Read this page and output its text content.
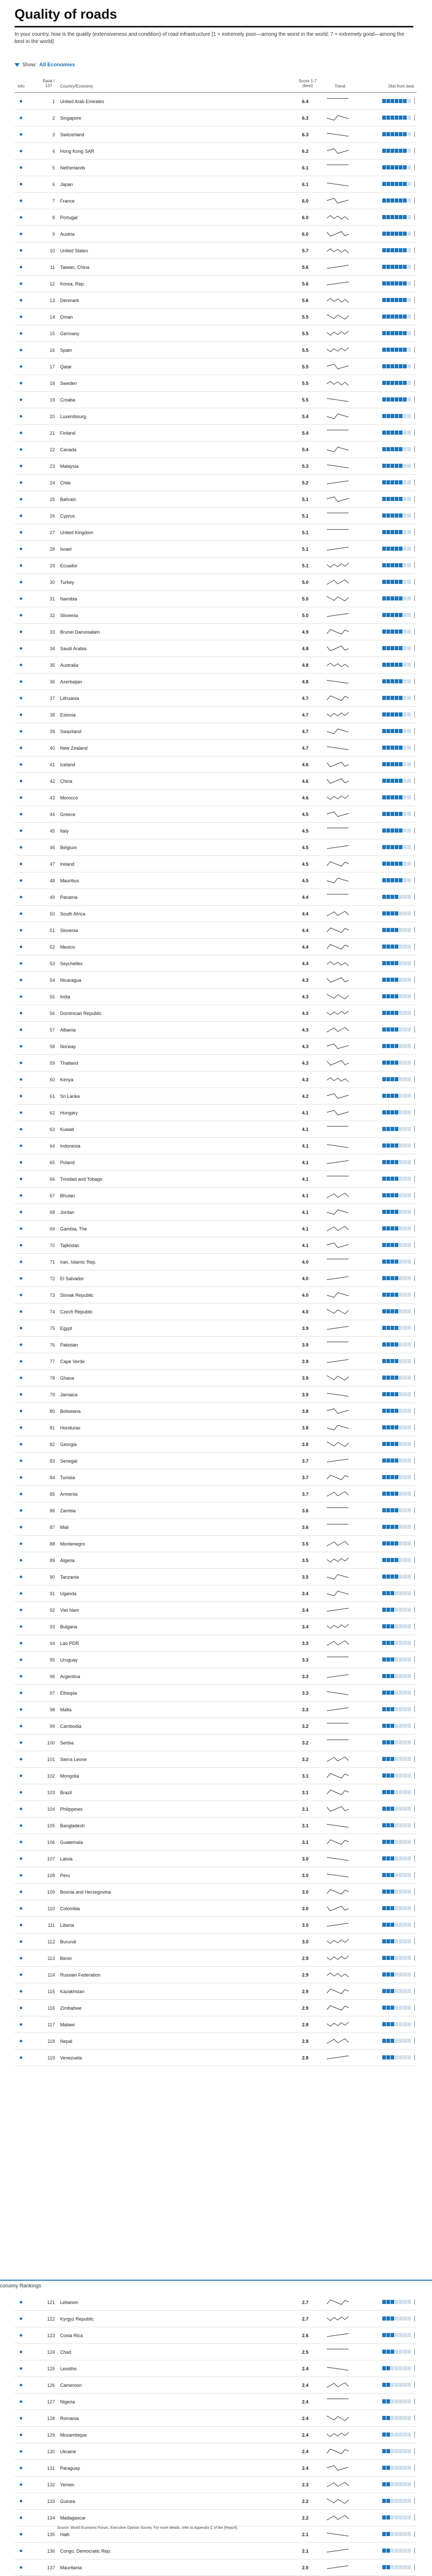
Quality of roads
In your country, how is the quality (extensiveness and condition) of road infrastructure [1 = extremely poor—among the worst in the world; 7 = extremely good—among the best in the world]
Show: All Economies
Info
Rank / 137	Country/Economy
Score 1-7 (best)	Trend	Dist from best
1 United Arab Emirates	6.4
2 Singapore	6.3
3 Switzerland	6.3
4 Hong Kong SAR	6.2
5 Netherlands	6.1
6 Japan	6.1
7 France	6.0
8 Portugal	6.0
9 Austria	6.0
10 United States	5.7
11 Taiwan, China	5.6
12 Korea, Rep.	5.6
13 Denmark	5.6
14 Oman	5.5
15 Germany	5.5
16 Spain	5.5
17 Qatar	5.5
18 Sweden	5.5
19 Croatia	5.5
20 Luxembourg	5.4
21 Finland	5.4
22 Canada	5.4
23 Malaysia	5.3
24 Chile	5.2
25 Bahrain	5.1
26 Cyprus	5.1
27 United Kingdom	5.1
28 Israel	5.1
29 Ecuador	5.1
30 Turkey	5.0
31 Namibia	5.0
32 Slovenia	5.0
33 Brunei Darussalam	4.9
34 Saudi Arabia	4.8
35 Australia	4.8
36 Azerbaijan	4.8
37 Lithuania	4.7
38 Estonia	4.7
39 Swaziland	4.7
40 New Zealand	4.7
41 Iceland	4.6
42 China	4.6
43 Morocco	4.6
44 Greece	4.5
45 Italy	4.5
46 Belgium	4.5
47 Ireland	4.5
48 Mauritius	4.5
49 Panama	4.4
50 South Africa	4.4
51 Slovenia	4.4
52 Mexico	4.4
53 Seychelles	4.4
54 Nicaragua	4.3
55 India	4.3
56 Dominican Republic	4.3
57 Albania	4.3
58 Norway	4.3
59 Thailand	4.3
60 Kenya	4.3
61 Sri Lanka	4.2
62 Hungary	4.1
63 Kuwait	4.1
64 Indonesia	4.1
65 Poland	4.1
66 Trinidad and Tobago	4.1
67 Bhutan	4.1
68 Jordan	4.1
69 Gambia, The	4.1
70 Tajikistan	4.1
71 Iran, Islamic Rep.	4.0
72 El Salvador	4.0
73 Slovak Republic	4.0
74 Czech Republic	4.0
75 Egypt	3.9
76 Pakistan	3.9
77 Cape Verde	3.9
78 Ghana	3.9
79 Jamaica	3.9
80 Botswana	3.8
81 Honduras	3.8
82 Georgia	3.8
83 Senegal	3.7
84 Tunisia	3.7
85 Armenia	3.7
86 Zambia	3.6
87 Mali	3.6
88 Montenegro	3.5
89 Algeria	3.5
90 Tanzania	3.5
91 Uganda	3.4
92 Viet Nam	3.4
93 Bulgaria	3.4
94 Lao PDR	3.3
95 Uruguay	3.3
96 Argentina	3.3
97 Ethiopia	3.3
98 Malta	3.3
99 Cambodia	3.2
100 Serbia	3.2
101 Sierra Leone	3.2
102 Mongolia	3.1
103 Brazil	3.1
104 Philippines	3.1
105 Bangladesh	3.1
106 Guatemala	3.1
107 Latvia	3.0
108 Peru	3.0
109 Bosnia and Herzegovina	3.0
110 Colombia	3.0
111 Liberia	3.0
112 Burundi	3.0
113 Benin	2.9
114 Russian Federation	2.9
115 Kazakhstan	2.9
116 Zimbabwe	2.9
117 Malawi	2.8
118 Nepal	2.8
119 Venezuela	2.8
conomy Rankings
121 Lebanon	2.7
122 Kyrgyz Republic	2.7
123 Costa Rica	2.6
124 Chad	2.5
125 Lesotho	2.4
126 Cameroon	2.4
127 Nigeria	2.4
128 Romania	2.4
129 Mozambique	2.4
130 Ukraine	2.4
131 Paraguay	2.4
132 Yemen	2.3
133 Guinea	2.2
134 Madagascar	2.2
135 Haiti	2.1
136 Congo, Democratic Rep.	2.1
137 Mauritania	2.0
Source: World Economic Forum, Executive Opinion Survey. For more details, refer to Appendix C of the [Report].
